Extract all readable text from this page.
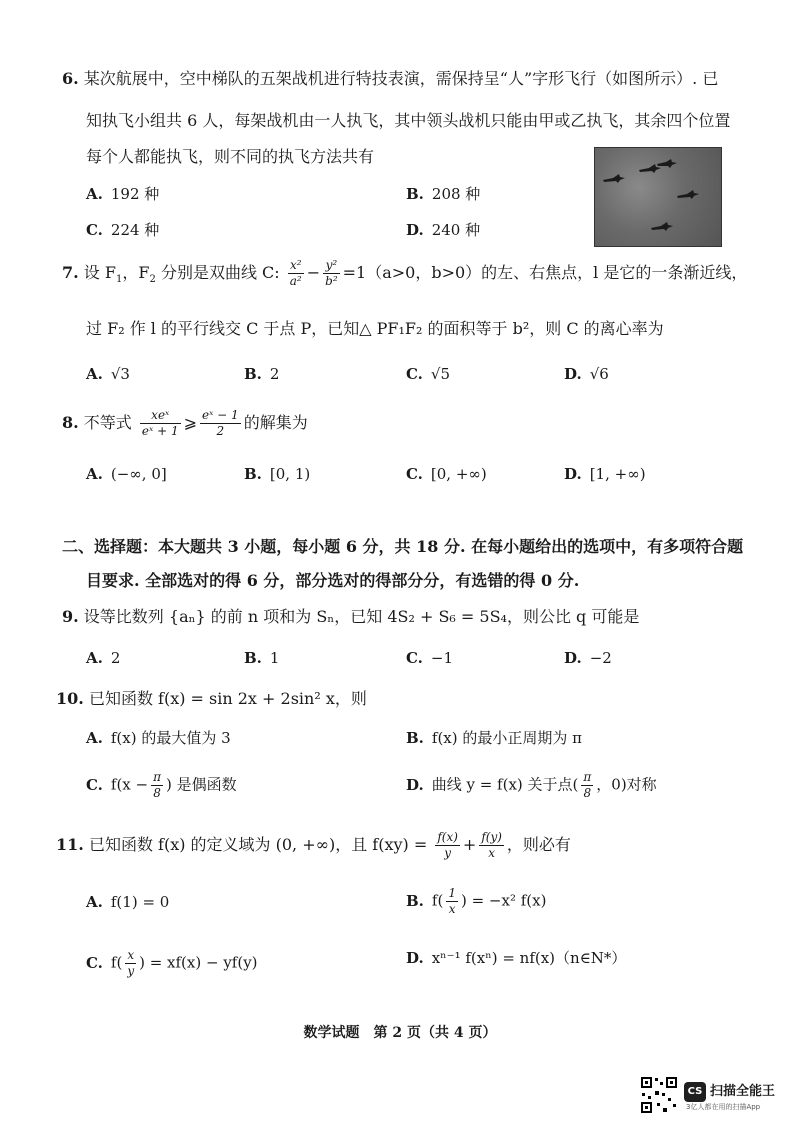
6. 某次航展中，空中梯队的五架战机进行特技表演，需保持呈“人”字形飞行（如图所示）. 已
知执飞小组共 6 人，每架战机由一人执飞，其中领头战机只能由甲或乙执飞，其余四个位置
每个人都能执飞，则不同的执飞方法共有
A. 192 种	B. 208 种
C. 224 种	D. 240 种
7. 设 $F_1$，$F_2$ 分别是双曲线 C: $\frac{\text{x²}}{\text{a²}} - \frac{\text{y²}}{\text{b²}} =1(a>0$，b>0）的左、右焦点，l 是它的一条渐近线，
过 F₂ 作 l 的平行线交 C 于点 P，已知△ PF₁F₂ 的面积等于 b²，则 C 的离心率为
A. √3	B. 2	C. √5	D. √6
8. 不等式 $\frac{\text{xeˣ}}{\text{eˣ + 1}}$ ⩾ $\frac{\text{eˣ − 1}}{2}$ 的解集为
A. (−∞, 0]	B. [0, 1)	C. [0, +∞)	D. [1, +∞)
二、选择题：本大题共 3 小题，每小题 6 分，共 18 分. 在每小题给出的选项中，有多项符合题
目要求. 全部选对的得 6 分，部分选对的得部分分，有选错的得 0 分.
9. 设等比数列 {aₙ} 的前 n 项和为 Sₙ，已知 4S₂ + S₆ = 5S₄，则公比 q 可能是
A. 2	B. 1	C. −1	D. −2
10. 已知函数 f(x) = sin 2x + 2sin² x，则
A. f(x) 的最大值为 3	B. f(x) 的最小正周期为 π
C. $f(x - \frac{\pi}{8}$ ) 是偶函数	D. 曲线 y = f(x) 关于点( $\frac{\pi}{8}$ ，0)对称
11. 已知函数 f(x) 的定义域为 (0, +∞)，且 $f(xy) = \frac{f(x)}{y} + \frac{f(y)}{x}$ ，则必有
A. f(1) = 0	B. $f( \frac{1}{x}$ ) = −x² f(x)
C. $f( \frac{x}{y}$ ) = xf(x) − yf(y)	D. xⁿ⁻¹ f(xⁿ) = nf(x)（n∈N*）
数学试题　第 2 页（共 4 页）
CS 扫描全能王
3亿人都在用的扫描App
